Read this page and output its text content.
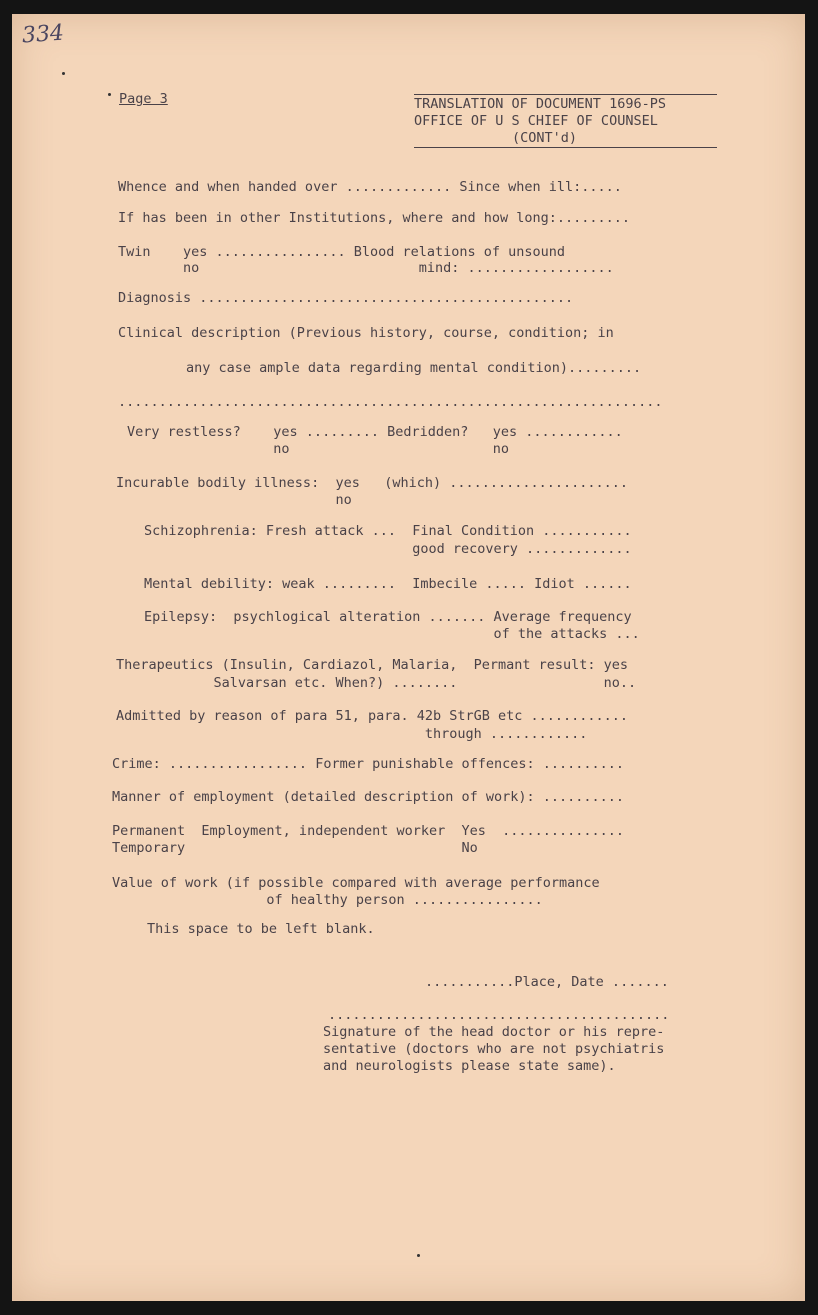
334

Page 3	TRANSLATION OF DOCUMENT 1696-PS

OFFICE OF U S CHIEF OF COUNSEL

(CONT'd)

Whence and when handed over ............. Since when ill:.....

If has been in other Institutions, where and how long:.........

Twin    yes ................ Blood relations of unsound

no                           mind: ..................

Diagnosis ..............................................

Clinical description (Previous history, course, condition; in

any case ample data regarding mental condition).........

...................................................................

Very restless?    yes ......... Bedridden?   yes ............

no                         no

Incurable bodily illness:  yes   (which) ......................

no

Schizophrenia: Fresh attack ...  Final Condition ...........

good recovery .............

Mental debility: weak .........  Imbecile ..... Idiot ......

Epilepsy:  psychlogical alteration ....... Average frequency

of the attacks ...

Therapeutics (Insulin, Cardiazol, Malaria,  Permant result: yes

Salvarsan etc. When?) ........                  no..

Admitted by reason of para 51, para. 42b StrGB etc ............

through ............

Crime: ................. Former punishable offences: ..........

Manner of employment (detailed description of work): ..........

Permanent  Employment, independent worker  Yes  ...............

Temporary                                  No

Value of work (if possible compared with average performance

of healthy person ................

This space to be left blank.

...........Place, Date .......

..........................................

Signature of the head doctor or his repre-

sentative (doctors who are not psychiatris

and neurologists please state same).
